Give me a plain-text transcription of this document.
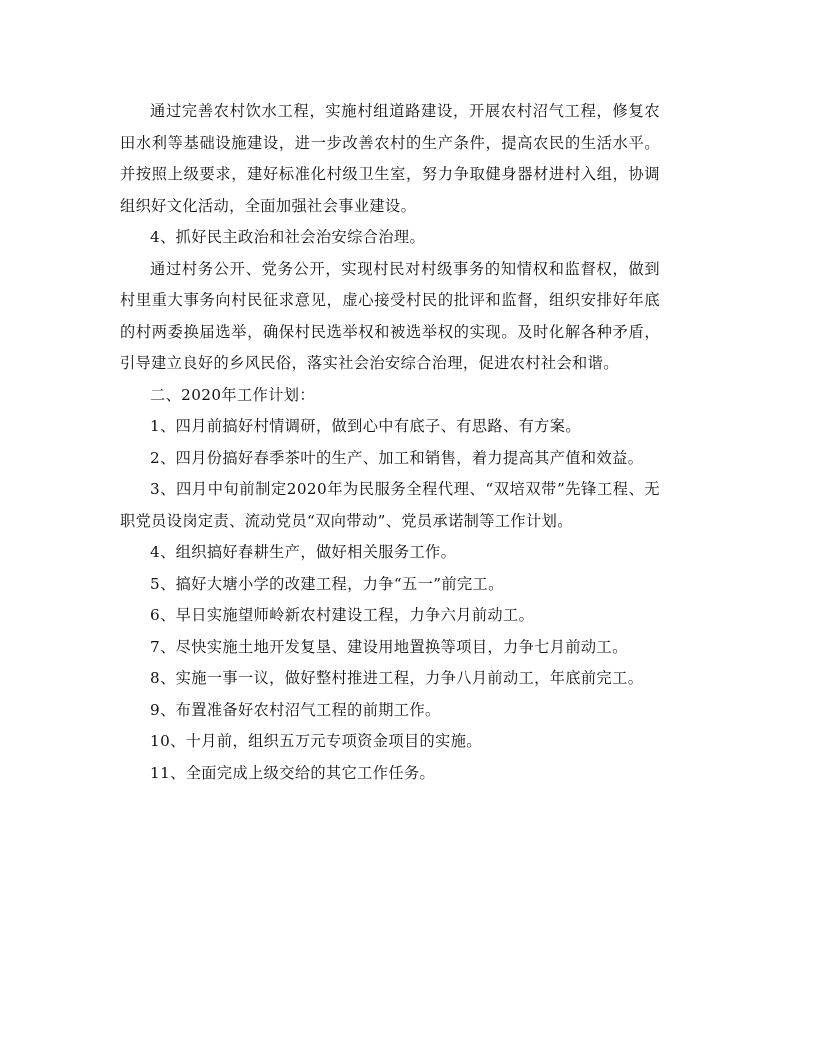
通过完善农村饮水工程，实施村组道路建设，开展农村沼气工程，修复农田水利等基础设施建设，进一步改善农村的生产条件，提高农民的生活水平。并按照上级要求，建好标准化村级卫生室，努力争取健身器材进村入组，协调组织好文化活动，全面加强社会事业建设。

4、抓好民主政治和社会治安综合治理。

通过村务公开、党务公开，实现村民对村级事务的知情权和监督权，做到村里重大事务向村民征求意见，虚心接受村民的批评和监督，组织安排好年底的村两委换届选举，确保村民选举权和被选举权的实现。及时化解各种矛盾，引导建立良好的乡风民俗，落实社会治安综合治理，促进农村社会和谐。

二、2020年工作计划：

1、四月前搞好村情调研，做到心中有底子、有思路、有方案。

2、四月份搞好春季茶叶的生产、加工和销售，着力提高其产值和效益。

3、四月中旬前制定2020年为民服务全程代理、“双培双带”先锋工程、无职党员设岗定责、流动党员“双向带动”、党员承诺制等工作计划。

4、组织搞好春耕生产，做好相关服务工作。

5、搞好大塘小学的改建工程，力争“五一”前完工。

6、早日实施望师岭新农村建设工程，力争六月前动工。

7、尽快实施土地开发复垦、建设用地置换等项目，力争七月前动工。

8、实施一事一议，做好整村推进工程，力争八月前动工，年底前完工。

9、布置准备好农村沼气工程的前期工作。

10、十月前，组织五万元专项资金项目的实施。

11、全面完成上级交给的其它工作任务。
